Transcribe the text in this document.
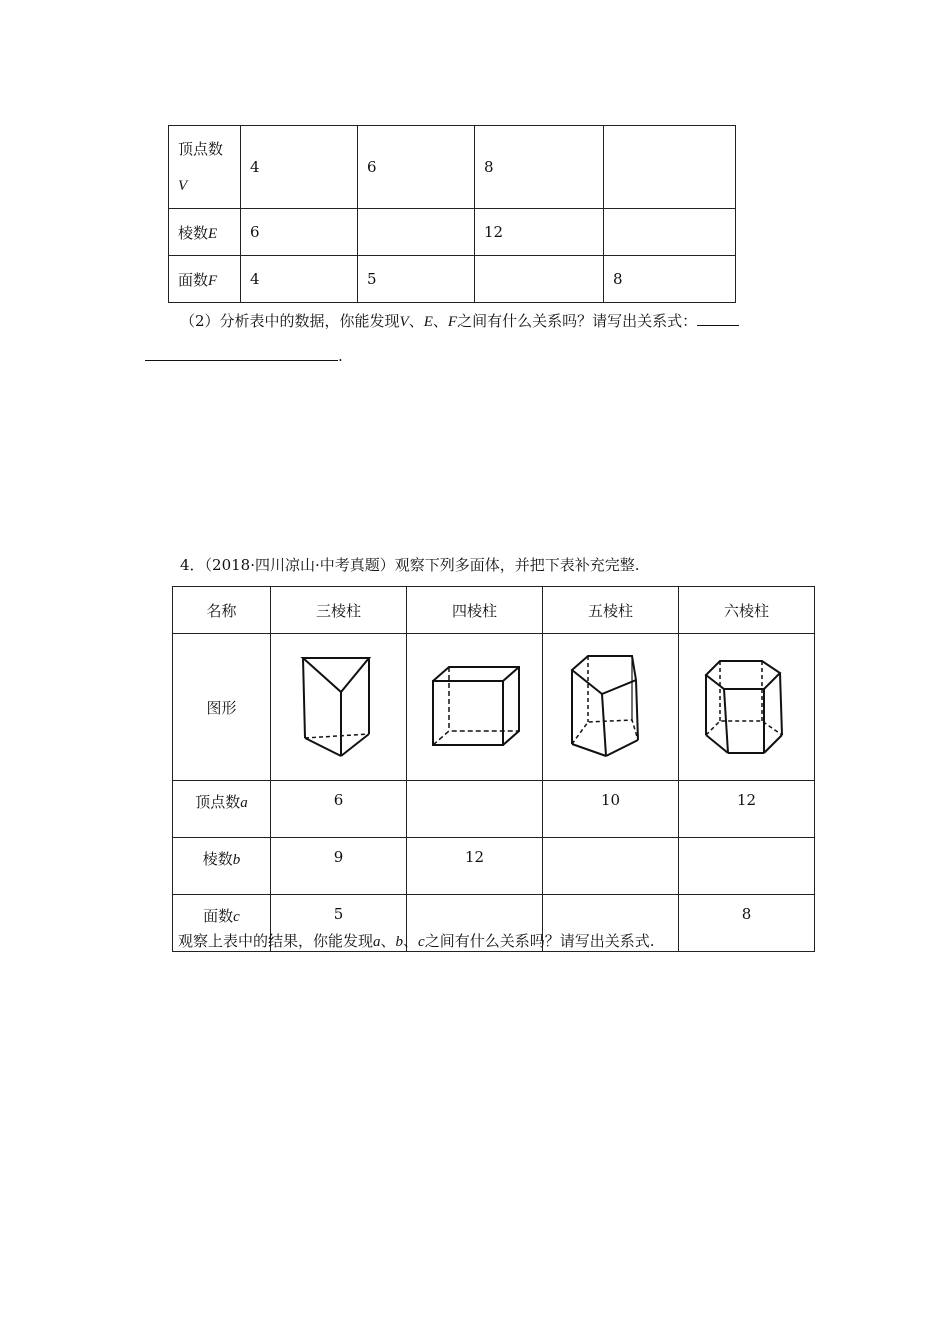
顶点数
V	4	6	8	
棱数E	6		12	
面数F	4	5		8
（2）分析表中的数据，你能发现V、E、F之间有什么关系吗？请写出关系式：
.
4．（2018·四川凉山·中考真题）观察下列多面体，并把下表补充完整.
名称	三棱柱	四棱柱	五棱柱	六棱柱
图形	

顶点数a	6		10	12
棱数b	9	12		
面数c	5			8
观察上表中的结果，你能发现a、b、c之间有什么关系吗？请写出关系式.
